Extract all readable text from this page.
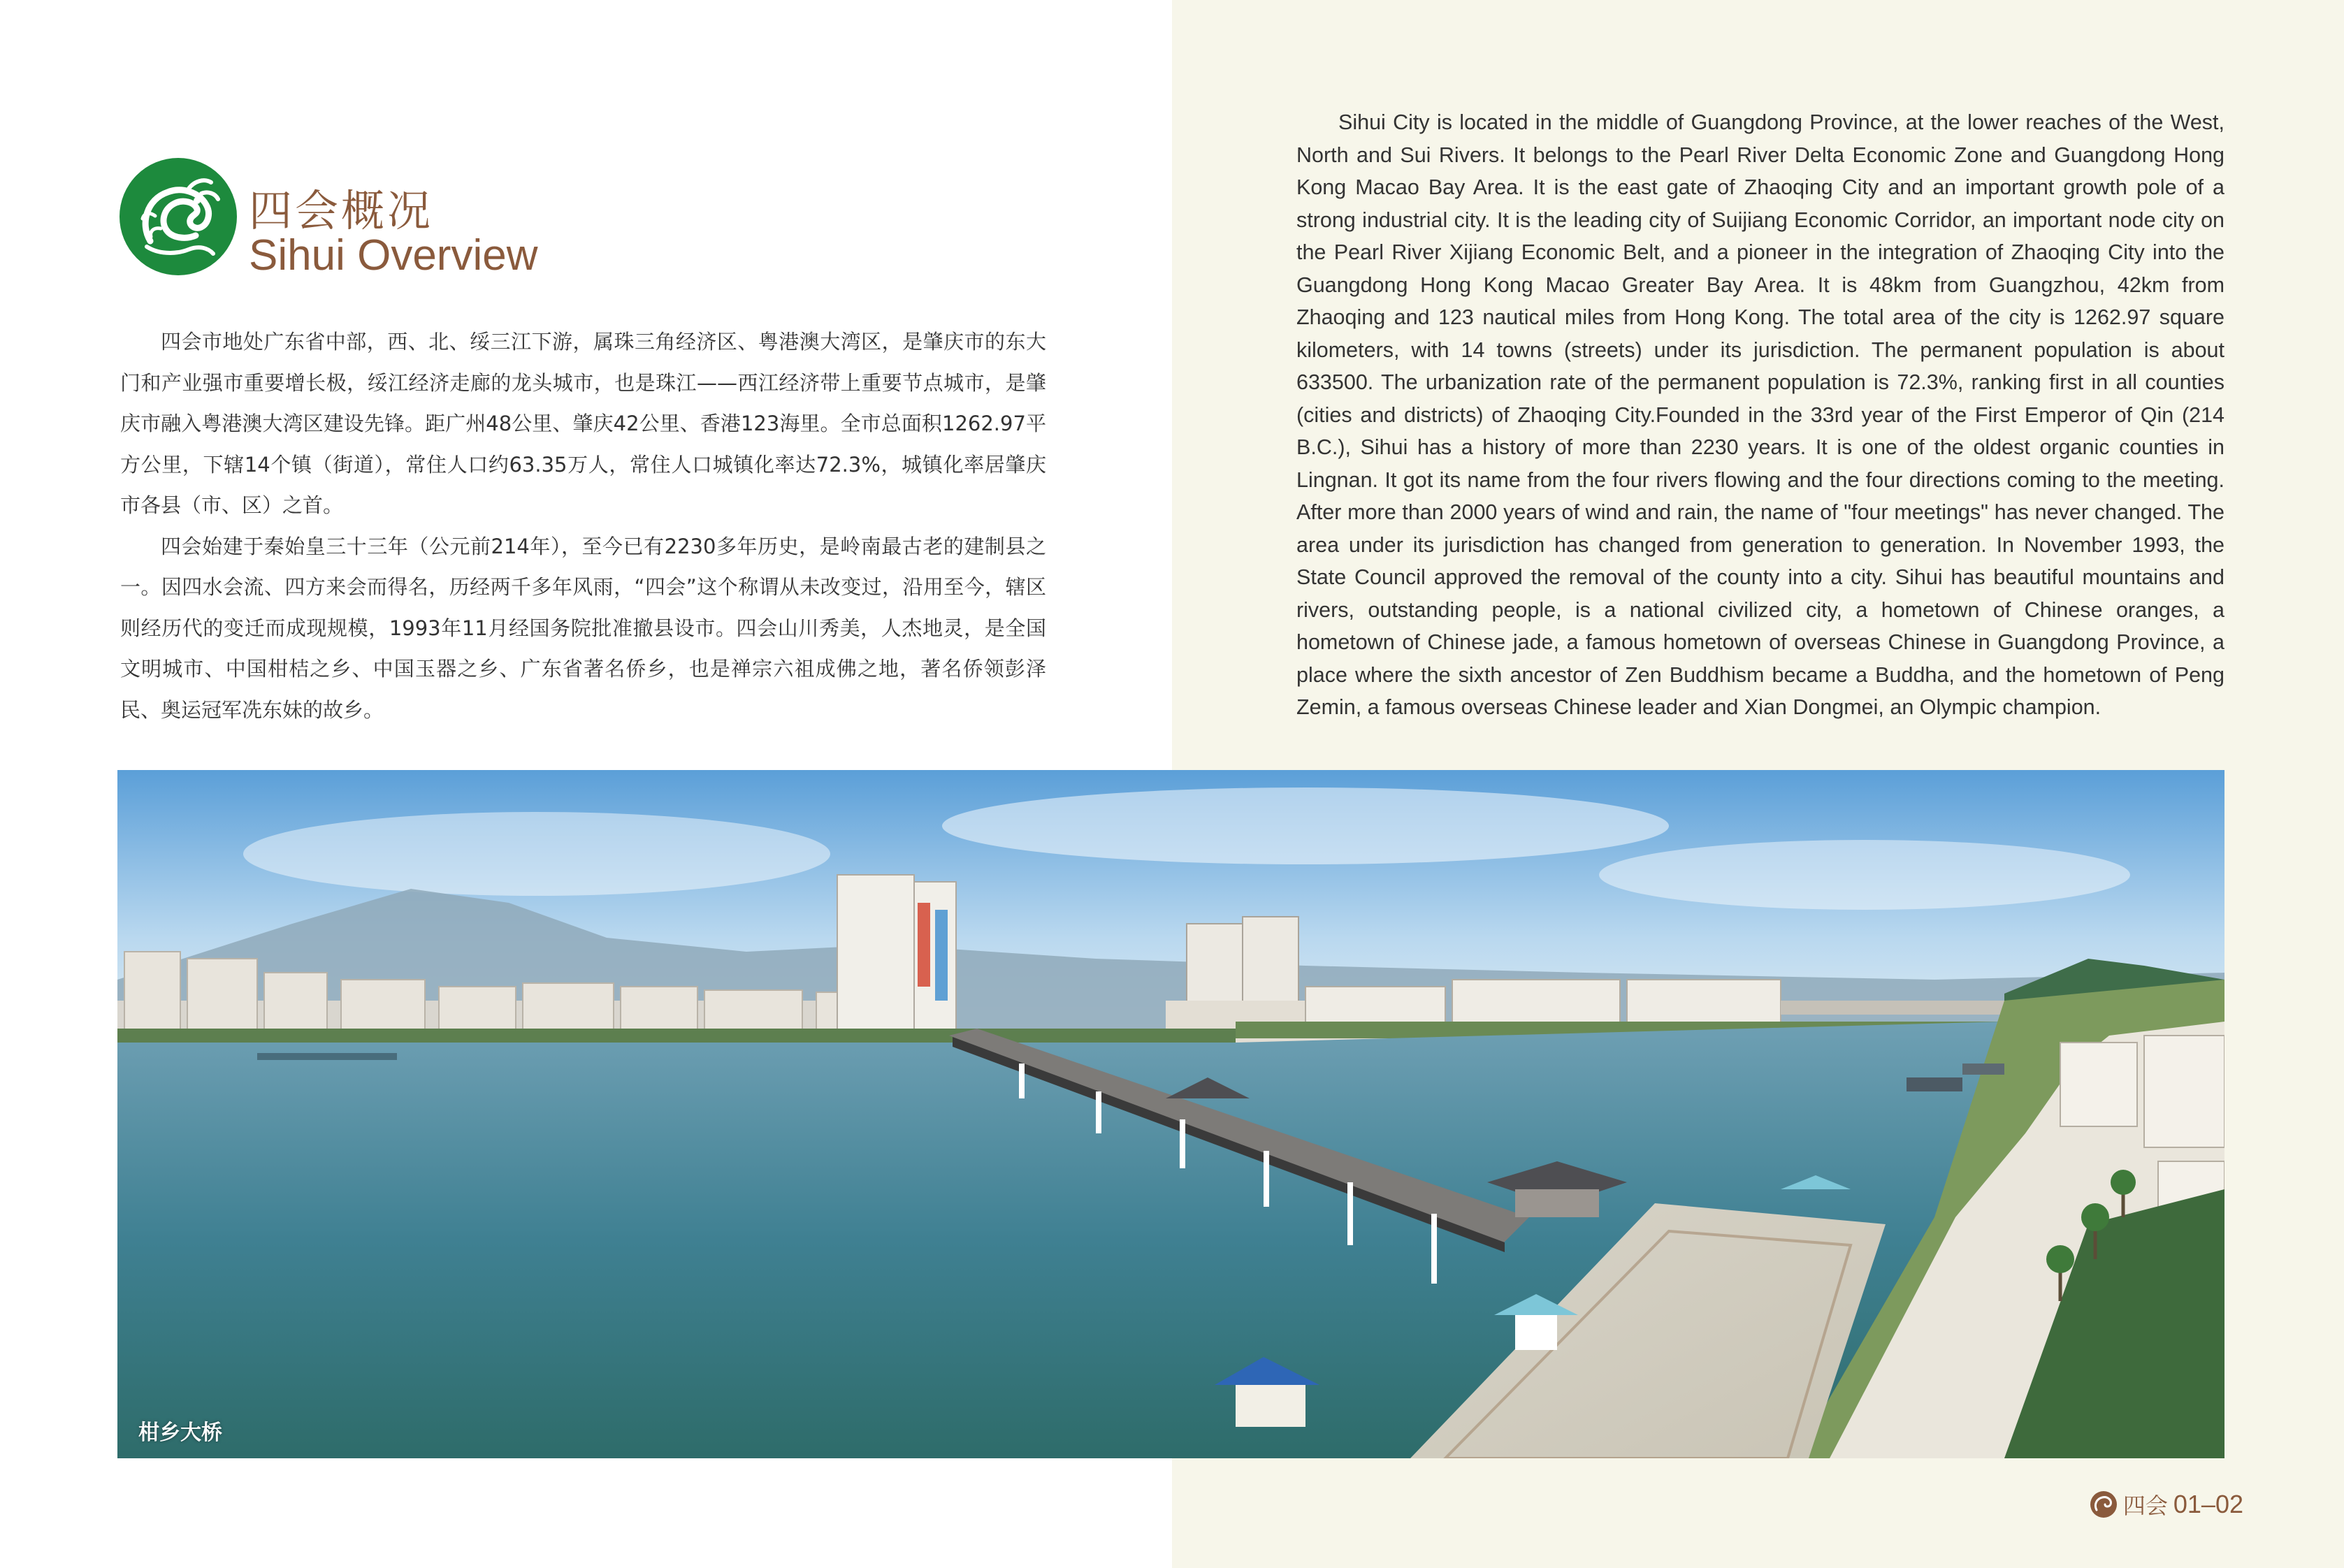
四会概况
Sihui Overview

四会市地处广东省中部，西、北、绥三江下游，属珠三角经济区、粤港澳大湾区，是肇庆市的东大门和产业强市重要增长极，绥江经济走廊的龙头城市，也是珠江——西江经济带上重要节点城市，是肇庆市融入粤港澳大湾区建设先锋。距广州48公里、肇庆42公里、香港123海里。全市总面积1262.97平方公里，下辖14个镇（街道），常住人口约63.35万人，常住人口城镇化率达72.3%，城镇化率居肇庆市各县（市、区）之首。

四会始建于秦始皇三十三年（公元前214年），至今已有2230多年历史，是岭南最古老的建制县之一。因四水会流、四方来会而得名，历经两千多年风雨，“四会”这个称谓从未改变过，沿用至今，辖区则经历代的变迁而成现规模，1993年11月经国务院批准撤县设市。四会山川秀美，人杰地灵，是全国文明城市、中国柑桔之乡、中国玉器之乡、广东省著名侨乡，也是禅宗六祖成佛之地，著名侨领彭泽民、奥运冠军冼东妹的故乡。

Sihui City is located in the middle of Guangdong Province, at the lower reaches of the West, North and Sui Rivers. It belongs to the Pearl River Delta Economic Zone and Guangdong Hong Kong Macao Bay Area. It is the east gate of Zhaoqing City and an important growth pole of a strong industrial city. It is the leading city of Suijiang Economic Corridor, an important node city on the Pearl River Xijiang Economic Belt, and a pioneer in the integration of Zhaoqing City into the Guangdong Hong Kong Macao Greater Bay Area. It is 48km from Guangzhou, 42km from Zhaoqing and 123 nautical miles from Hong Kong. The total area of the city is 1262.97 square kilometers, with 14 towns (streets) under its jurisdiction. The permanent population is about 633500. The urbanization rate of the permanent population is 72.3%, ranking first in all counties (cities and districts) of Zhaoqing City.Founded in the 33rd year of the First Emperor of Qin (214 B.C.), Sihui has a history of more than 2230 years. It is one of the oldest organic counties in Lingnan. It got its name from the four rivers flowing and the four directions coming to the meeting. After more than 2000 years of wind and rain, the name of "four meetings" has never changed. The area under its jurisdiction has changed from generation to generation. In November 1993, the State Council approved the removal of the county into a city. Sihui has beautiful mountains and rivers, outstanding people, is a national civilized city, a hometown of Chinese oranges, a hometown of Chinese jade, a famous hometown of overseas Chinese in Guangdong Province, a place where the sixth ancestor of Zen Buddhism became a Buddha, and the hometown of Peng Zemin, a famous overseas Chinese leader and Xian Dongmei, an Olympic champion.

柑乡大桥
四会 01–02
